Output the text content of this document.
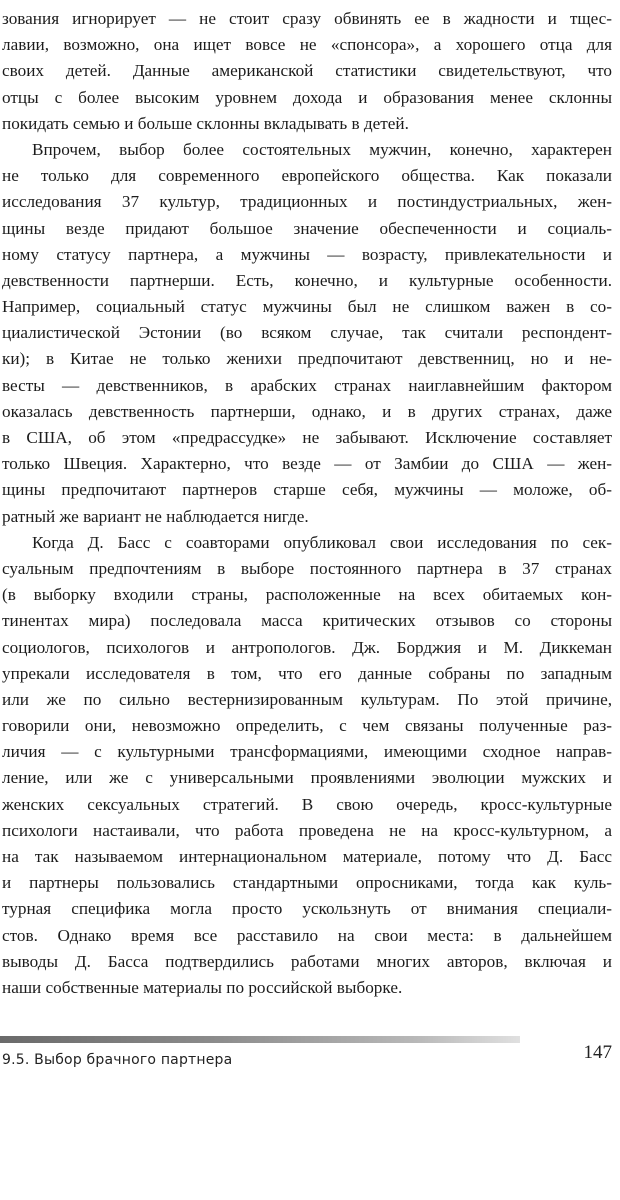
зования игнорирует — не стоит сразу обвинять ее в жадности и тщес-
лавии, возможно, она ищет вовсе не «спонсора», а хорошего отца для
своих детей. Данные американской статистики свидетельствуют, что
отцы с более высоким уровнем дохода и образования менее склонны
покидать семью и больше склонны вкладывать в детей.
Впрочем, выбор более состоятельных мужчин, конечно, характерен
не только для современного европейского общества. Как показали
исследования 37 культур, традиционных и постиндустриальных, жен-
щины везде придают большое значение обеспеченности и социаль-
ному статусу партнера, а мужчины — возрасту, привлекательности и
девственности партнерши. Есть, конечно, и культурные особенности.
Например, социальный статус мужчины был не слишком важен в со-
циалистической Эстонии (во всяком случае, так считали респондент-
ки); в Китае не только женихи предпочитают девственниц, но и не-
весты — девственников, в арабских странах наиглавнейшим фактором
оказалась девственность партнерши, однако, и в других странах, даже
в США, об этом «предрассудке» не забывают. Исключение составляет
только Швеция. Характерно, что везде — от Замбии до США — жен-
щины предпочитают партнеров старше себя, мужчины — моложе, об-
ратный же вариант не наблюдается нигде.
Когда Д. Басс с соавторами опубликовал свои исследования по сек-
суальным предпочтениям в выборе постоянного партнера в 37 странах
(в выборку входили страны, расположенные на всех обитаемых кон-
тинентах мира) последовала масса критических отзывов со стороны
социологов, психологов и антропологов. Дж. Борджия и М. Диккеман
упрекали исследователя в том, что его данные собраны по западным
или же по сильно вестернизированным культурам. По этой причине,
говорили они, невозможно определить, с чем связаны полученные раз-
личия — с культурными трансформациями, имеющими сходное направ-
ление, или же с универсальными проявлениями эволюции мужских и
женских сексуальных стратегий. В свою очередь, кросс-культурные
психологи настаивали, что работа проведена не на кросс-культурном, а
на так называемом интернациональном материале, потому что Д. Басс
и партнеры пользовались стандартными опросниками, тогда как куль-
турная специфика могла просто ускользнуть от внимания специали-
стов. Однако время все расставило на свои места: в дальнейшем
выводы Д. Басса подтвердились работами многих авторов, включая и
наши собственные материалы по российской выборке.
9.5. Выбор брачного партнера	147
